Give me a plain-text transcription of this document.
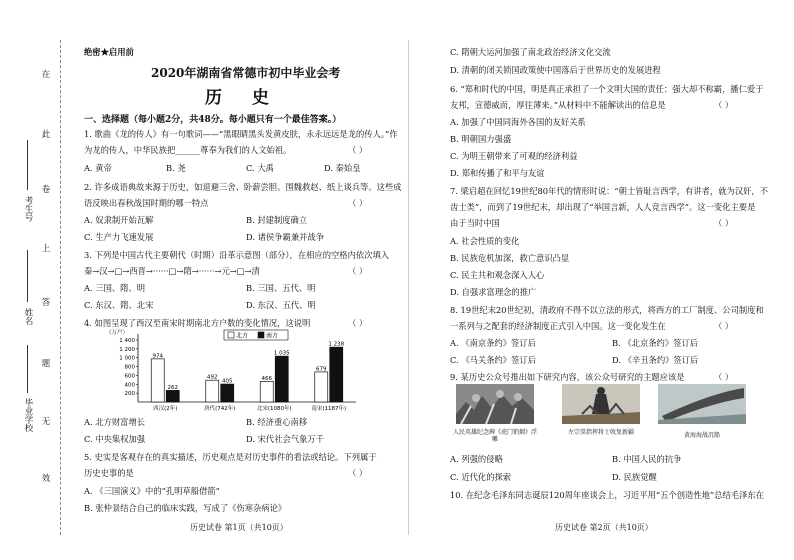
在
此
卷
上
答
题
无
效
考生号
姓名
毕业学校
绝密★启用前
2020年湖南省常德市初中毕业会考
历 史
一、选择题（每小题2分，共48分。每小题只有一个最佳答案。）
1. 歌曲《龙的传人》有一句歌词——“黑眼睛黑头发黄皮肤，永永远远是龙的传人。”作
为龙的传人，中华民族把______尊奉为我们的人文始祖。	（ ）
A. 黄帝	B. 尧	C. 大禹	D. 秦始皇
2. 许多成语典故来源于历史，如退避三舍、卧薪尝胆、围魏救赵、纸上谈兵等。这些成
语反映出春秋战国时期的哪一特点	（ ）
A. 奴隶制开始瓦解	B. 封建制度确立
C. 生产力飞速发展	D. 诸侯争霸兼并战争
3. 下列是中国古代主要朝代（时期）沿革示意图（部分），在相应的空格内依次填入
（ ）
秦→汉→□→西晋→······□→隋→······→元→□→清
A. 三国、隋、明	B. 三国、五代、明
C. 东汉、隋、北宋	D. 东汉、五代、明
4. 如图呈现了西汉至南宋时期南北方户数的变化情况，这说明	（ ）
（万户）
200
400
600
800
1 000
1 200
1 400
974
262
西汉(2年)
492
405
唐代(742年)
466
1 035
北宋(1080年)
679
1 238
南宋(1187年)
北方	南方
A. 北方财富增长	B. 经济重心南移
C. 中央集权加强	D. 宋代社会气象万千
5. 史实是客观存在的真实描述，历史观点是对历史事件的看法或结论。下列属于
历史史事的是	（ ）
A. 《三国演义》中的“孔明草船借箭”
B. 张仲景结合自己的临床实践，写成了《伤寒杂病论》
历史试卷 第1页（共10页）
C. 隋朝大运河加强了南北政治经济文化交流
D. 清朝的闭关锁国政策使中国落后于世界历史的发展进程
6. “郑和时代的中国，明是真正承担了一个文明大国的责任：强大却不称霸，播仁爱于
友邦，宣德威而，厚往薄来。”从材料中不能解读出的信息是	（ ）
A. 加强了中国同海外各国的友好关系
B. 明朝国力强盛
C. 为明王朝带来了可观的经济利益
D. 郑和传播了和平与友谊
7. 梁启超在回忆19世纪80年代的情形时说：“朝士皆耻言西学，有讲者，就为汉奸，不
齿士类”，而到了19世纪末，却出现了“举国言新，人人竞言西学”。这一变化主要是
由于当时中国	（ ）
A. 社会性质的变化
B. 民族危机加深，救亡意识凸显
C. 民主共和观念深入人心
D. 自强求富理念的推广
8. 19世纪末20世纪初，清政府不得不以立法的形式，将西方的工厂制度、公司制度和
一系列与之配套的经济制度正式引入中国。这一变化发生在	（ ）
A. 《南京条约》签订后	B. 《北京条约》签订后
C. 《马关条约》签订后	D. 《辛丑条约》签订后
9. 某历史公众号推出如下研究内容，该公众号研究的主题应该是	（ ）
人民英雄纪念碑《虎门销烟》浮雕
左宗棠指挥将士收复新疆	黄海海战沉船
A. 列强的侵略	B. 中国人民的抗争
C. 近代化的探索	D. 民族觉醒
10. 在纪念毛泽东同志诞辰120周年座谈会上，习近平用“五个创造性地”总结毛泽东在
历史试卷 第2页（共10页）
